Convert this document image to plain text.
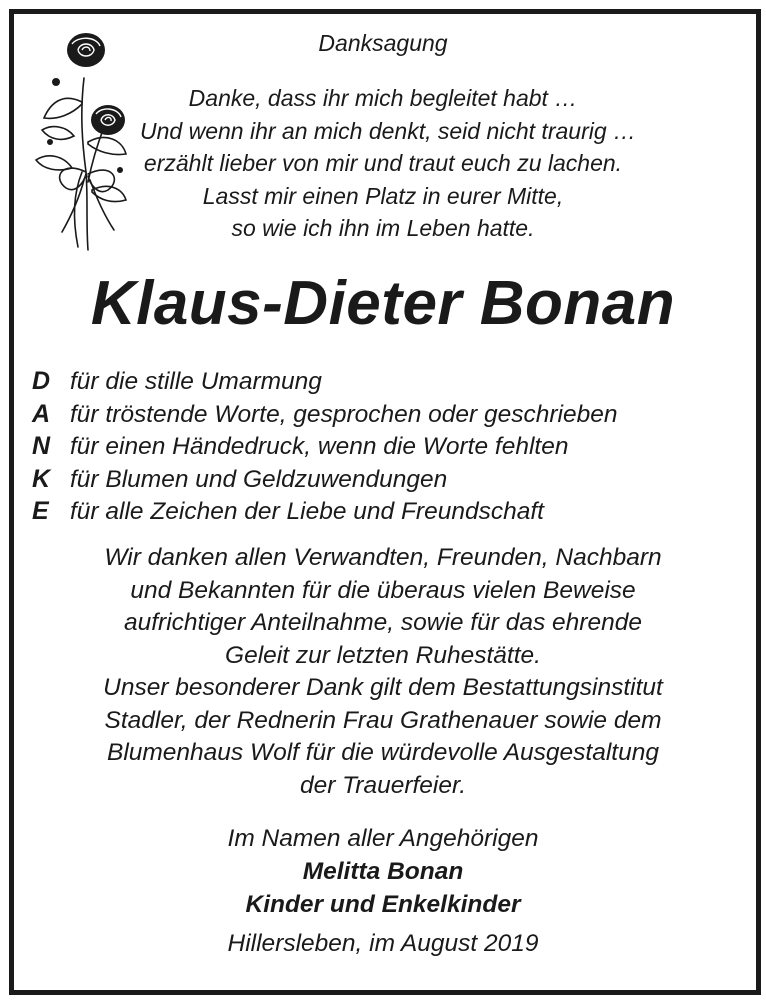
Danksagung
Danke, dass ihr mich begleitet habt …
Und wenn ihr an mich denkt, seid nicht traurig …
erzählt lieber von mir und traut euch zu lachen.
Lasst mir einen Platz in eurer Mitte,
so wie ich ihn im Leben hatte.
Klaus-Dieter Bonan
D für die stille Umarmung
A für tröstende Worte, gesprochen oder geschrieben
N für einen Händedruck, wenn die Worte fehlten
K für Blumen und Geldzuwendungen
E für alle Zeichen der Liebe und Freundschaft
Wir danken allen Verwandten, Freunden, Nachbarn
und Bekannten für die überaus vielen Beweise
aufrichtiger Anteilnahme, sowie für das ehrende
Geleit zur letzten Ruhestätte.
Unser besonderer Dank gilt dem Bestattungsinstitut
Stadler, der Rednerin Frau Grathenauer sowie dem
Blumenhaus Wolf für die würdevolle Ausgestaltung
der Trauerfeier.
Im Namen aller Angehörigen
Melitta Bonan
Kinder und Enkelkinder
Hillersleben, im August 2019
